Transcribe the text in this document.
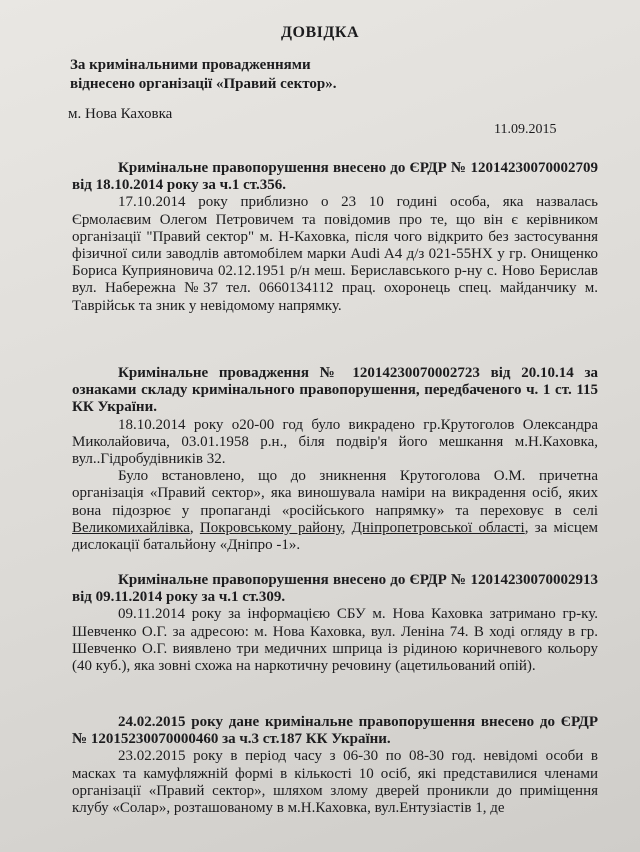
ДОВІДКА
За кримінальними провадженнями
віднесено організації «Правий сектор».
м. Нова Каховка
11.09.2015

Кримінальне правопорушення внесено до ЄРДР № 12014230070002709 від 18.10.2014 року за ч.1 ст.356.

17.10.2014 року приблизно о 23 10 годині особа, яка назвалась Єрмолаєвим Олегом Петровичем та повідомив про те, що він є керівником організації "Правий сектор" м. Н-Каховка, після чого відкрито без застосування фізичної сили заводлів автомобілем марки Audi A4 д/з 021-55НХ у гр. Онищенко Бориса Куприяновича 02.12.1951 р/н меш. Бериславського р-ну с. Ново Берислав вул. Набережна №37 тел. 0660134112 прац. охоронець спец. майданчику м. Таврійськ та зник у невідомому напрямку.

Кримінальне провадження № 12014230070002723 від 20.10.14 за ознаками складу кримінального правопорушення, передбаченого ч. 1 ст. 115 КК України.

18.10.2014 року о20-00 год було викрадено гр.Крутоголов Олександра Миколайовича, 03.01.1958 р.н., біля подвір'я його мешкання м.Н.Каховка, вул..Гідробудівників 32.

Було встановлено, що до зникнення Крутоголова О.М. причетна організація «Правий сектор», яка виношувала наміри на викрадення осіб, яких вона підозрює у пропаганді «російського напрямку» та переховує в селі Великомихайлівка, Покровському району, Дніпропетровської області, за місцем дислокації батальйону «Дніпро -1».

Кримінальне правопорушення внесено до ЄРДР № 12014230070002913 від 09.11.2014 року за ч.1 ст.309.

09.11.2014 року за інформацією СБУ м. Нова Каховка затримано гр-ку. Шевченко О.Г. за адресою: м. Нова Каховка, вул. Леніна 74. В ході огляду в гр. Шевченко О.Г. виявлено три медичних шприца із рідиною коричневого кольору (40 куб.), яка зовні схожа на наркотичну речовину (ацетильований опій).

24.02.2015 року дане кримінальне правопорушення внесено до ЄРДР № 12015230070000460 за ч.3 ст.187 КК України.

23.02.2015 року в період часу з 06-30 по 08-30 год. невідомі особи в масках та камуфляжній формі в кількості 10 осіб, які представилися членами організації «Правий сектор», шляхом злому дверей проникли до приміщення клубу «Солар», розташованому в м.Н.Каховка, вул.Ентузіастів 1, де
